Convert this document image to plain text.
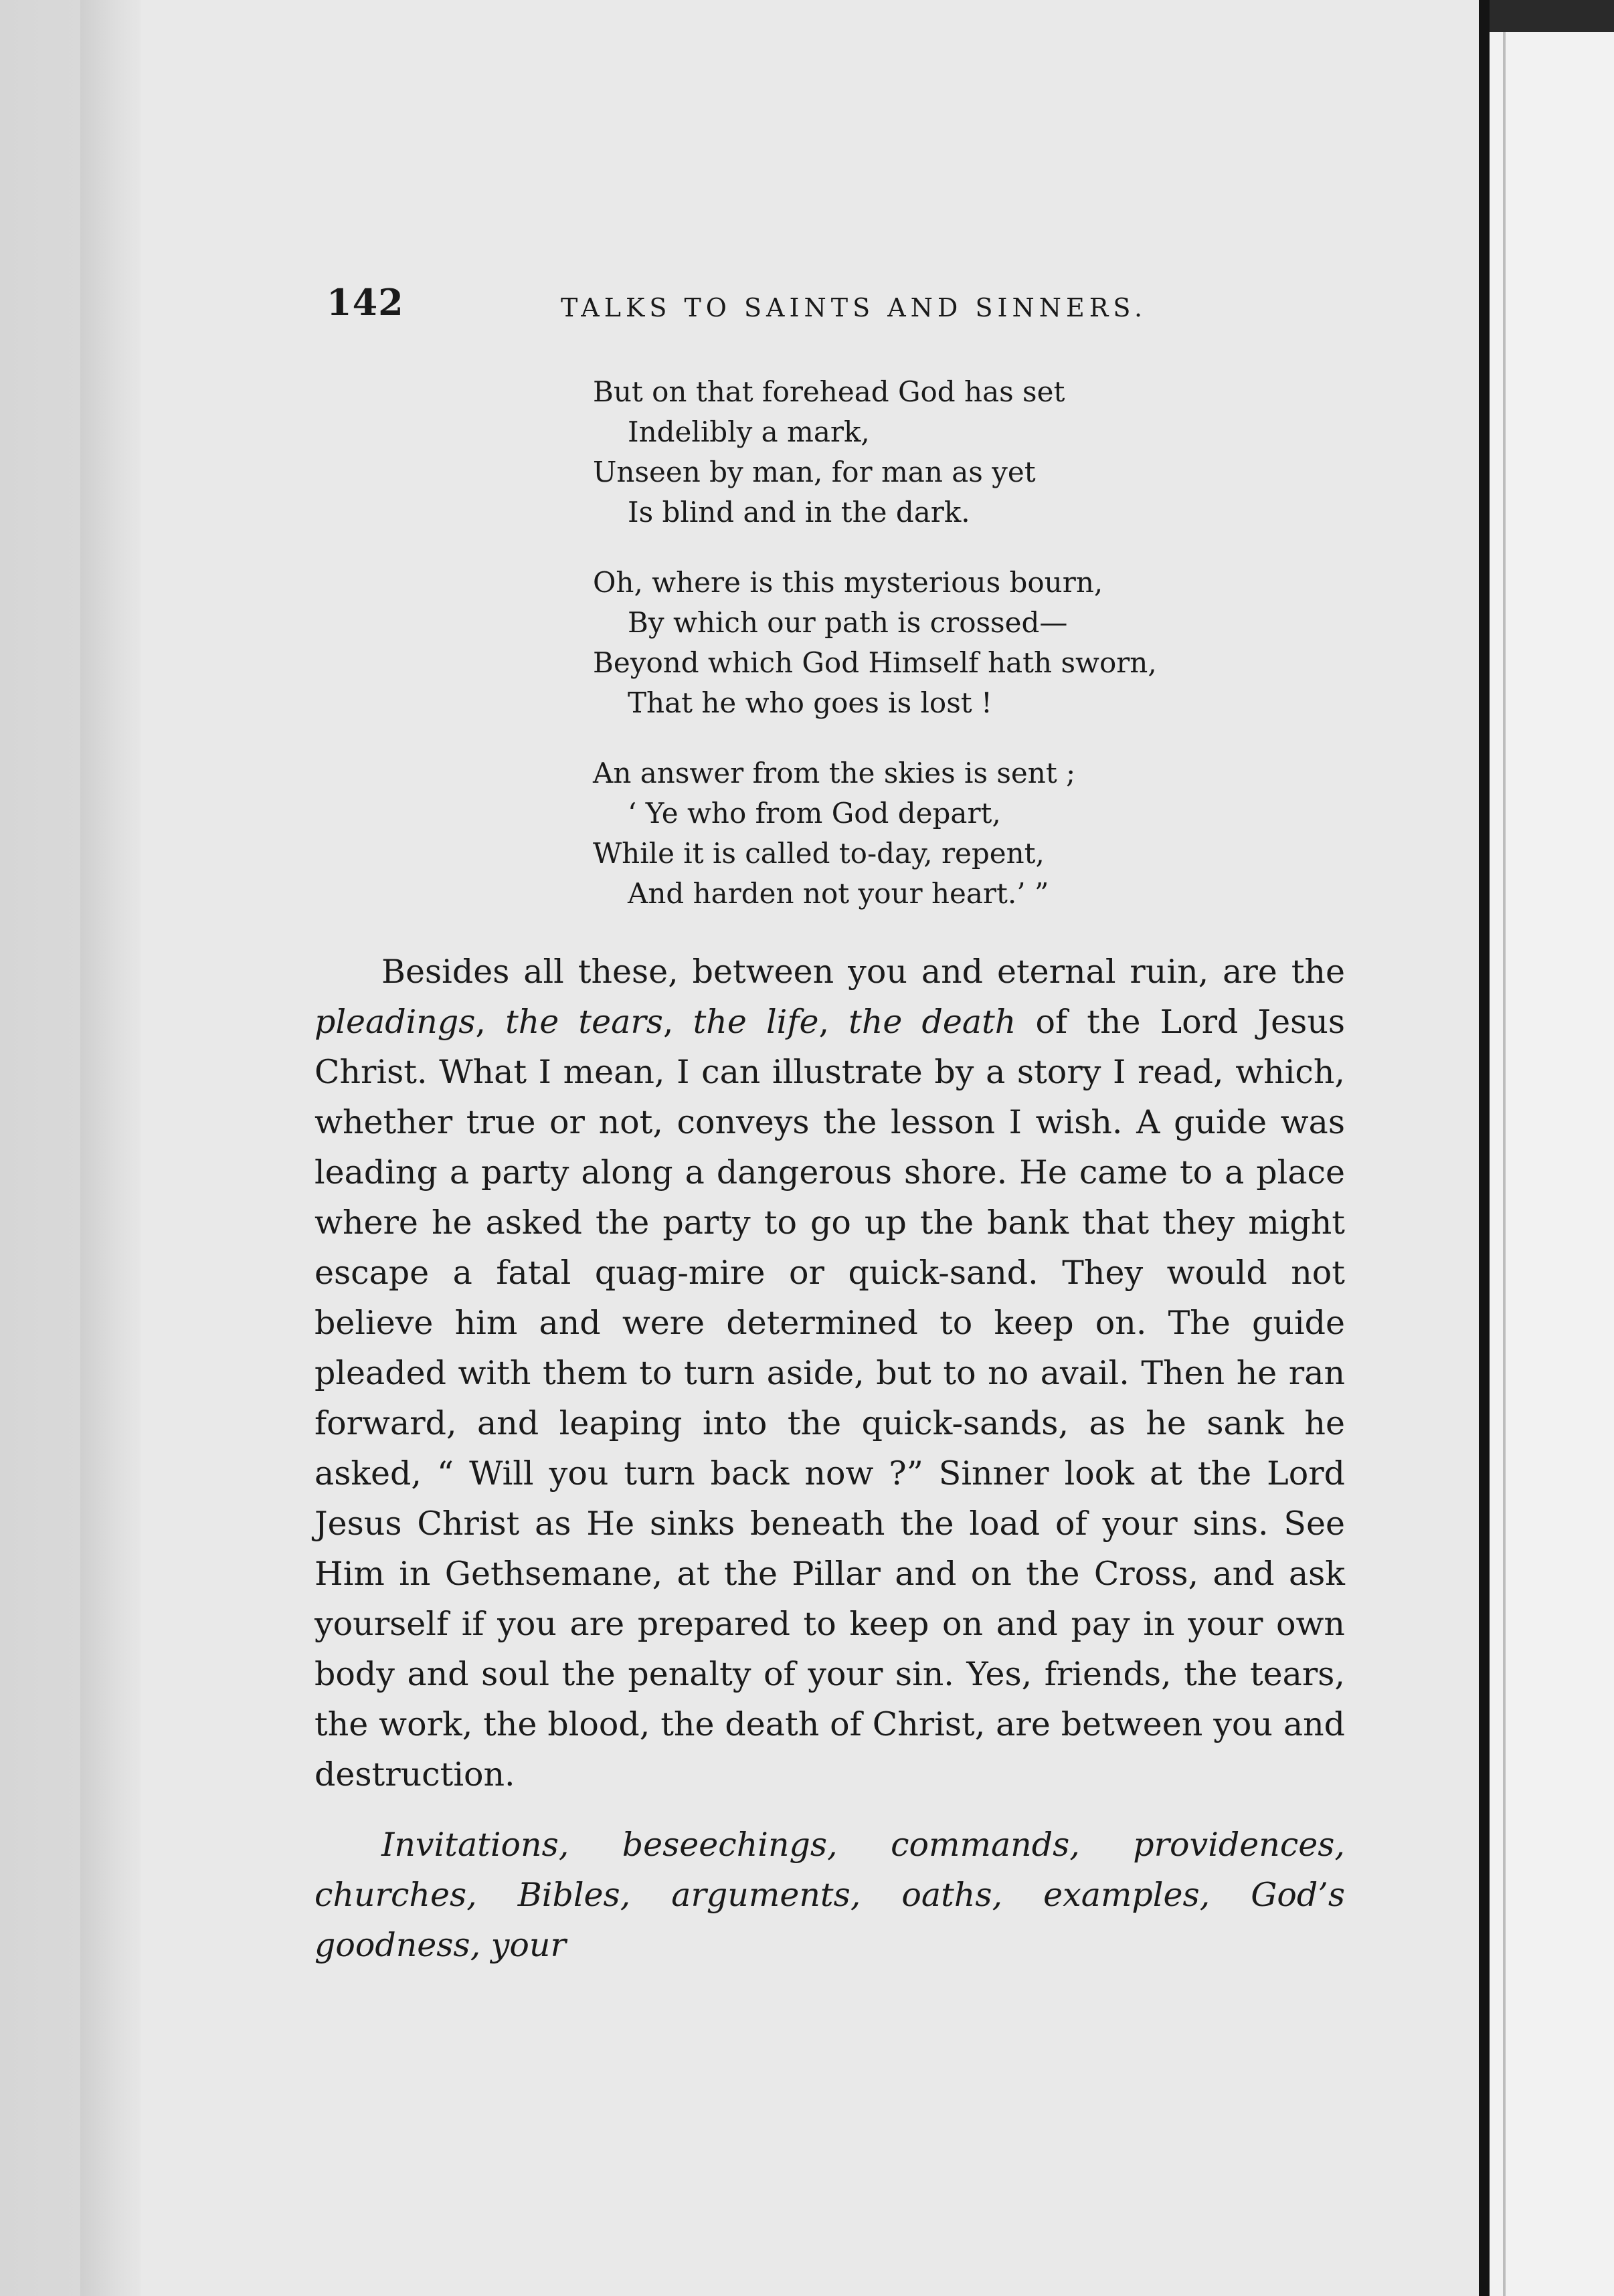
142	TALKS TO SAINTS AND SINNERS.
But on that forehead God has set
Indelibly a mark,
Unseen by man, for man as yet
Is blind and in the dark.
Oh, where is this mysterious bourn,
By which our path is crossed—
Beyond which God Himself hath sworn,
That he who goes is lost !
An answer from the skies is sent ;
‘ Ye who from God depart,
While it is called to-day, repent,
And harden not your heart.’ ”

Besides all these, between you and eternal ruin, are the pleadings, the tears, the life, the death of the Lord Jesus Christ. What I mean, I can illustrate by a story I read, which, whether true or not, conveys the lesson I wish. A guide was leading a party along a dangerous shore. He came to a place where he asked the party to go up the bank that they might escape a fatal quag-mire or quick-sand. They would not believe him and were determined to keep on. The guide pleaded with them to turn aside, but to no avail. Then he ran forward, and leaping into the quick-sands, as he sank he asked, “ Will you turn back now ?” Sinner look at the Lord Jesus Christ as He sinks beneath the load of your sins. See Him in Gethsemane, at the Pillar and on the Cross, and ask yourself if you are prepared to keep on and pay in your own body and soul the penalty of your sin. Yes, friends, the tears, the work, the blood, the death of Christ, are between you and destruction.

Invitations, beseechings, commands, providences, churches, Bibles, arguments, oaths, examples, God’s goodness, your
